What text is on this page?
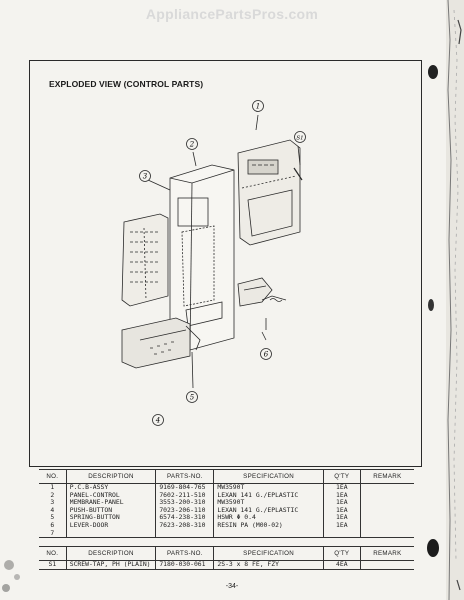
AppliancePartsPros.com
EXPLODED VIEW (CONTROL PARTS)
1
S1
2
3
6
5
4
NO.	DESCRIPTION	PARTS-NO.	SPECIFICATION	Q'TY	REMARK
1	P.C.B-ASSY	9169-804-765	MW3590T	1EA	
2	PANEL-CONTROL	7602-211-510	LEXAN 141 G./EPLASTIC	1EA	
3	MEMBRANE-PANEL	3553-200-310	MW3590T	1EA	
4	PUSH-BUTTON	7023-206-110	LEXAN 141 G./EPLASTIC	1EA	
5	SPRING-BUTTON	6574-238-310	HSWR Φ 0.4	1EA	
6	LEVER-DOOR	7623-208-310	RESIN PA (M00-02)	1EA	
7					
NO.	DESCRIPTION	PARTS-NO.	SPECIFICATION	Q'TY	REMARK
S1	SCREW-TAP, PH (PLAIN)	7180-030-061	2S-3 x 8 FE, FZY	4EA	
-34-
